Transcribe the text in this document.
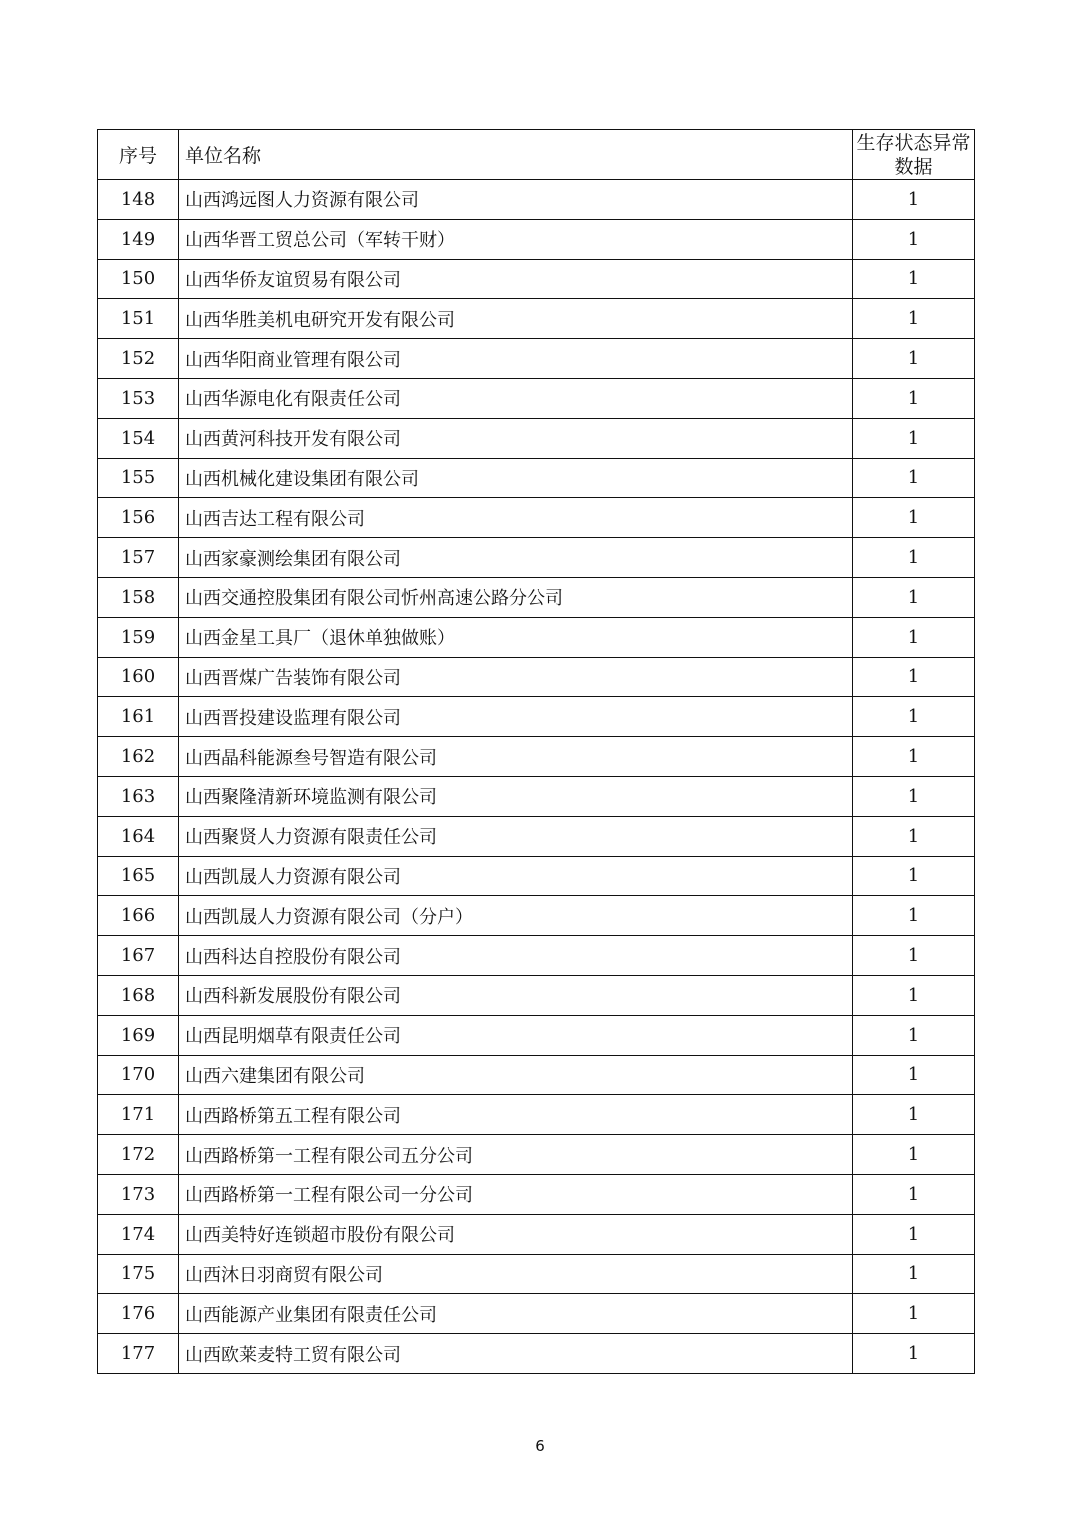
序号	单位名称	生存状态异常数据
148	山西鸿远图人力资源有限公司	1
149	山西华晋工贸总公司（军转干财）	1
150	山西华侨友谊贸易有限公司	1
151	山西华胜美机电研究开发有限公司	1
152	山西华阳商业管理有限公司	1
153	山西华源电化有限责任公司	1
154	山西黄河科技开发有限公司	1
155	山西机械化建设集团有限公司	1
156	山西吉达工程有限公司	1
157	山西家豪测绘集团有限公司	1
158	山西交通控股集团有限公司忻州高速公路分公司	1
159	山西金星工具厂（退休单独做账）	1
160	山西晋煤广告装饰有限公司	1
161	山西晋投建设监理有限公司	1
162	山西晶科能源叁号智造有限公司	1
163	山西聚隆清新环境监测有限公司	1
164	山西聚贤人力资源有限责任公司	1
165	山西凯晟人力资源有限公司	1
166	山西凯晟人力资源有限公司（分户）	1
167	山西科达自控股份有限公司	1
168	山西科新发展股份有限公司	1
169	山西昆明烟草有限责任公司	1
170	山西六建集团有限公司	1
171	山西路桥第五工程有限公司	1
172	山西路桥第一工程有限公司五分公司	1
173	山西路桥第一工程有限公司一分公司	1
174	山西美特好连锁超市股份有限公司	1
175	山西沐日羽商贸有限公司	1
176	山西能源产业集团有限责任公司	1
177	山西欧莱麦特工贸有限公司	1
6
